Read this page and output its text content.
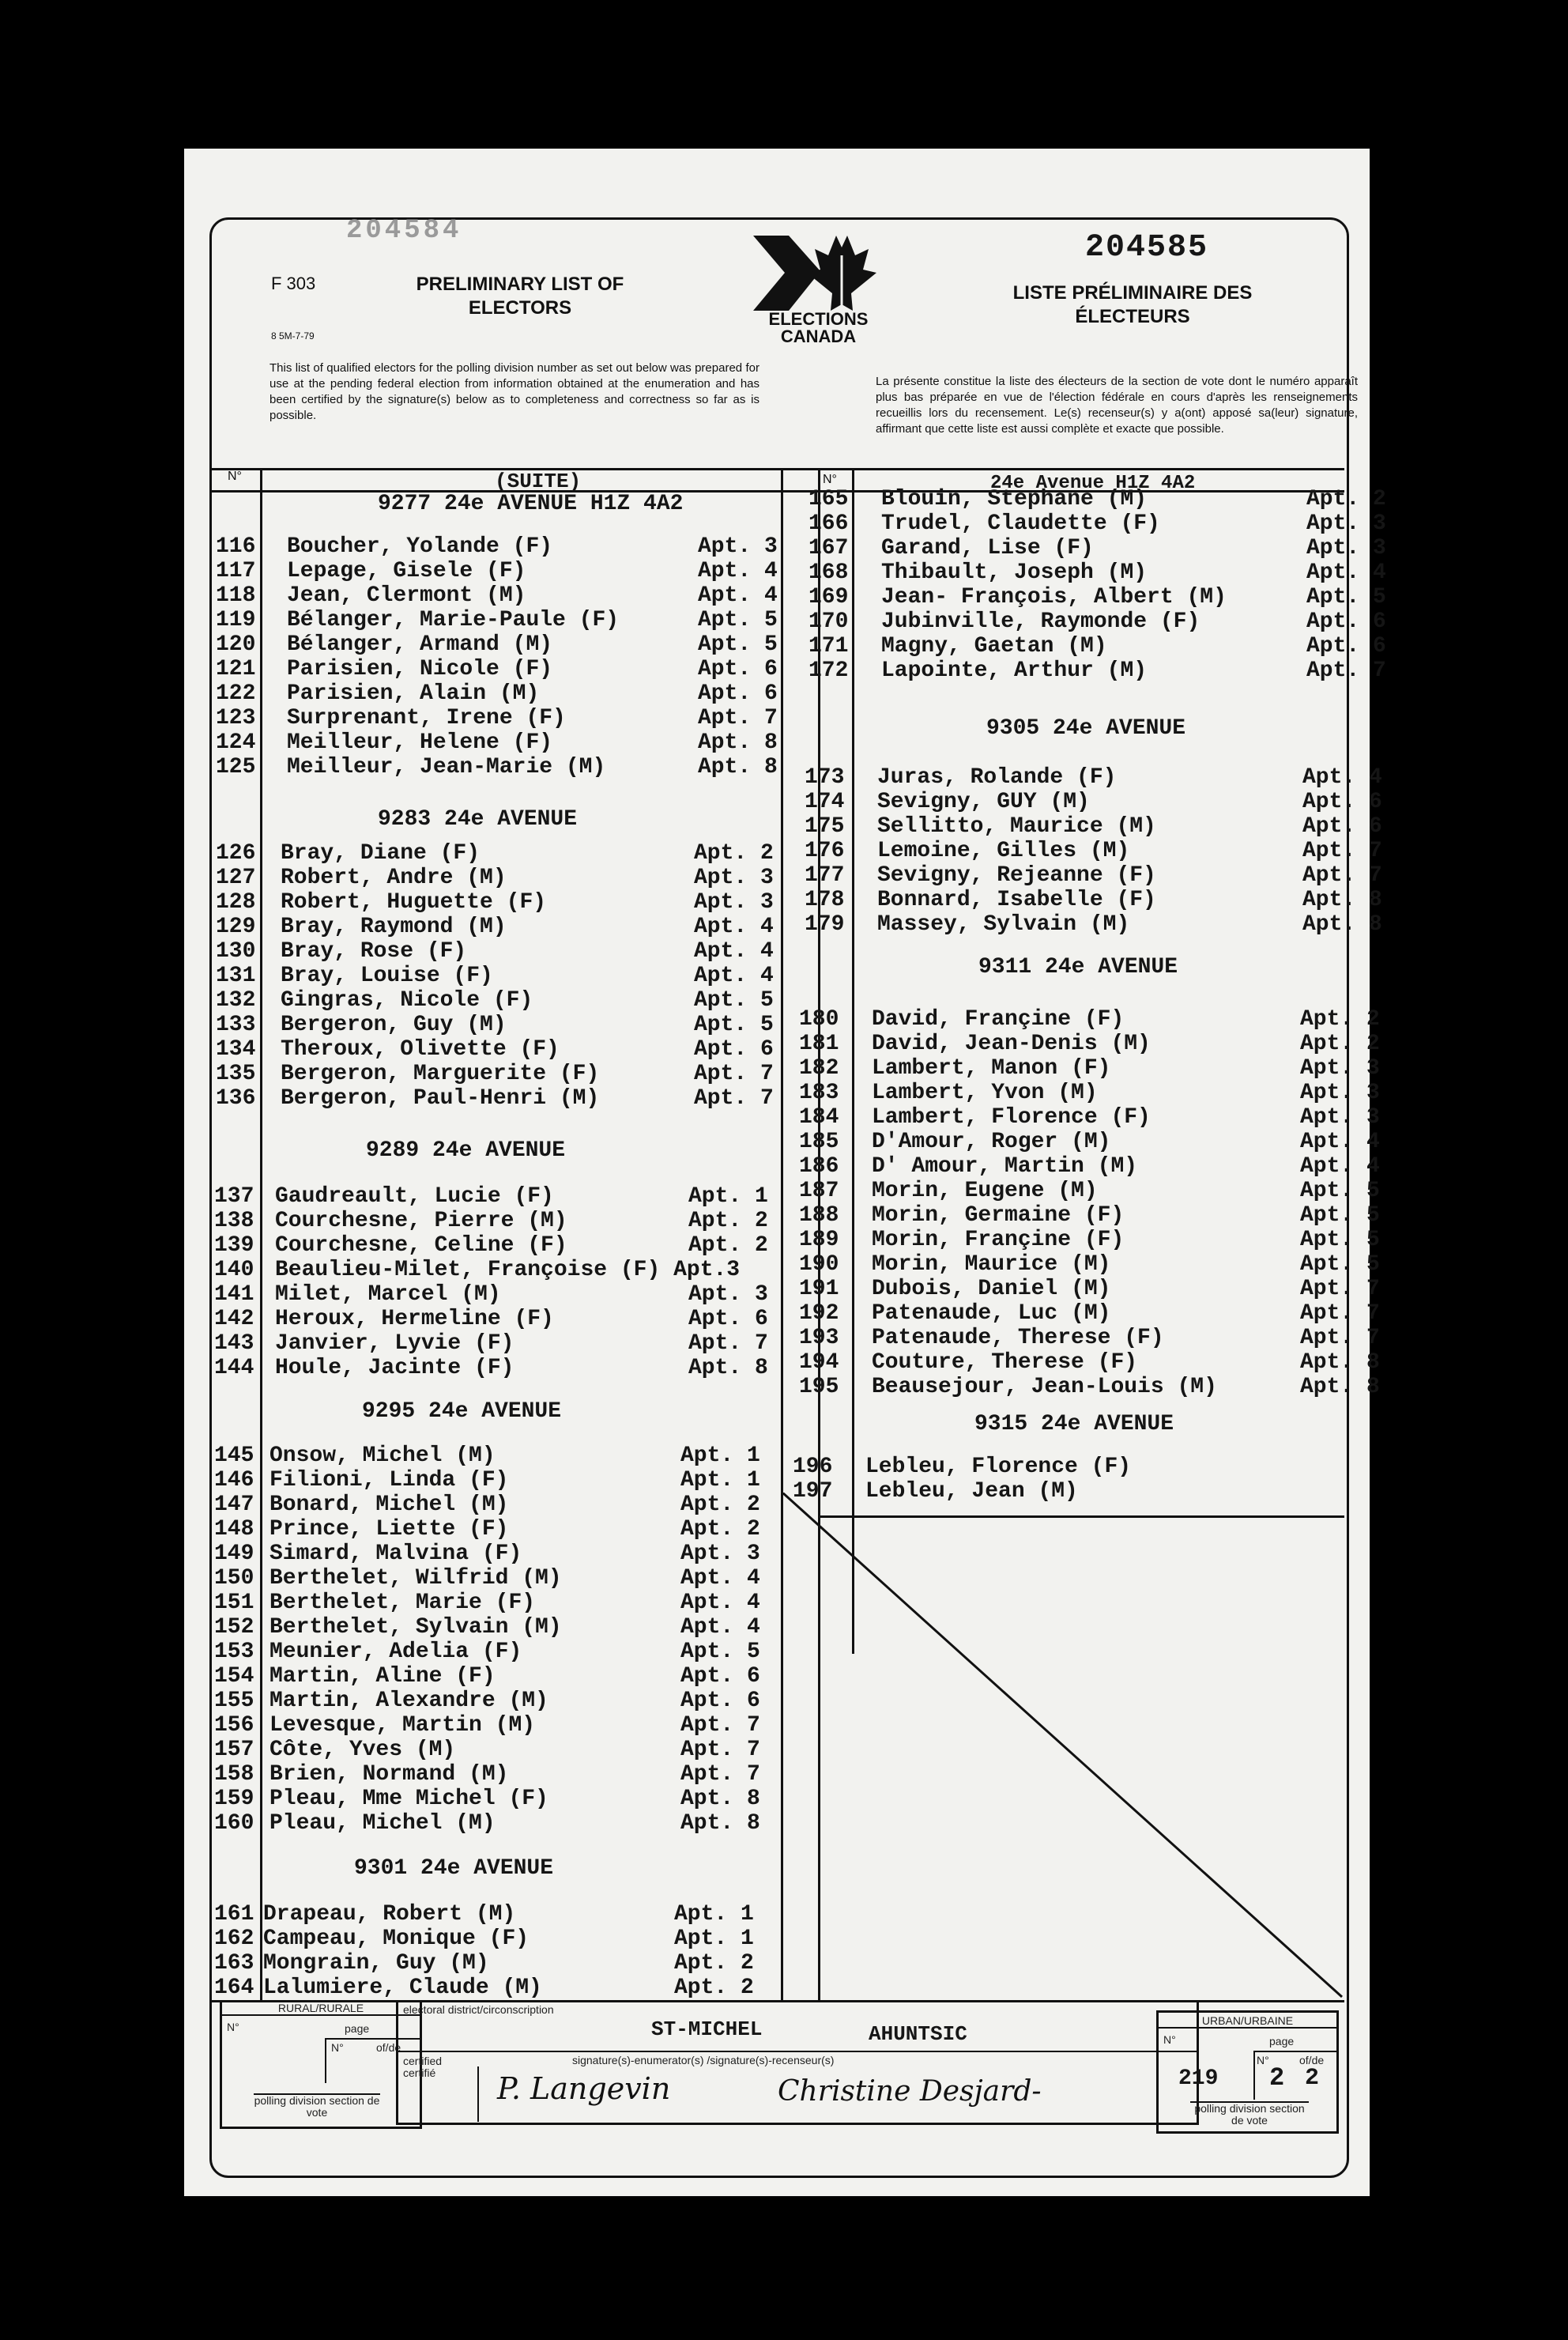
F 303
8 5M-7-79
PRELIMINARY LIST OF ELECTORS
204584
ELECTIONS CANADA
204585
LISTE PRÉLIMINAIRE DES ÉLECTEURS
This list of qualified electors for the polling division number as set out below was prepared for use at the pending federal election from information obtained at the enumeration and has been certified by the signature(s) below as to completeness and correctness so far as is possible.
La présente constitue la liste des électeurs de la section de vote dont le numéro apparaît plus bas préparée en vue de l'élection fédérale en cours d'après les renseignements recueillis lors du recensement. Le(s) recenseur(s) y a(ont) apposé sa(leur) signature, affirmant que cette liste est aussi complète et exacte que possible.
N°	N°
(SUITE)	24e Avenue H1Z 4A2
9277 24e AVENUE H1Z 4A2
116 Boucher, Yolande (F)	Apt. 3
117 Lepage, Gisele (F)	Apt. 4
118 Jean, Clermont (M)	Apt. 4
119 Bélanger, Marie-Paule (F)	Apt. 5
120 Bélanger, Armand (M)	Apt. 5
121 Parisien, Nicole (F)	Apt. 6
122 Parisien, Alain (M)	Apt. 6
123 Surprenant, Irene (F)	Apt. 7
124 Meilleur, Helene (F)	Apt. 8
125 Meilleur, Jean-Marie (M)	Apt. 8
9283 24e AVENUE
126 Bray, Diane (F)	Apt. 2
127 Robert, Andre (M)	Apt. 3
128 Robert, Huguette (F)	Apt. 3
129 Bray, Raymond (M)	Apt. 4
130 Bray, Rose (F)	Apt. 4
131 Bray, Louise (F)	Apt. 4
132 Gingras, Nicole (F)	Apt. 5
133 Bergeron, Guy (M)	Apt. 5
134 Theroux, Olivette (F)	Apt. 6
135 Bergeron, Marguerite (F)	Apt. 7
136 Bergeron, Paul-Henri (M)	Apt. 7
9289 24e AVENUE
137 Gaudreault, Lucie (F)	Apt. 1
138 Courchesne, Pierre (M)	Apt. 2
139 Courchesne, Celine (F)	Apt. 2
140 Beaulieu-Milet, Françoise (F) Apt.3
141 Milet, Marcel (M)	Apt. 3
142 Heroux, Hermeline (F)	Apt. 6
143 Janvier, Lyvie (F)	Apt. 7
144 Houle, Jacinte (F)	Apt. 8
9295 24e AVENUE
145 Onsow, Michel (M)	Apt. 1
146 Filioni, Linda (F)	Apt. 1
147 Bonard, Michel (M)	Apt. 2
148 Prince, Liette (F)	Apt. 2
149 Simard, Malvina (F)	Apt. 3
150 Berthelet, Wilfrid (M)	Apt. 4
151 Berthelet, Marie (F)	Apt. 4
152 Berthelet, Sylvain (M)	Apt. 4
153 Meunier, Adelia (F)	Apt. 5
154 Martin, Aline (F)	Apt. 6
155 Martin, Alexandre (M)	Apt. 6
156 Levesque, Martin (M)	Apt. 7
157 Côte, Yves (M)	Apt. 7
158 Brien, Normand (M)	Apt. 7
159 Pleau, Mme Michel (F)	Apt. 8
160 Pleau, Michel (M)	Apt. 8
9301 24e AVENUE
161 Drapeau, Robert (M)	Apt. 1
162 Campeau, Monique (F)	Apt. 1
163 Mongrain, Guy (M)	Apt. 2
164 Lalumiere, Claude (M)	Apt. 2
165 Blouin, Stephane (M)	Apt. 2
166 Trudel, Claudette (F)	Apt. 3
167 Garand, Lise (F)	Apt. 3
168 Thibault, Joseph (M)	Apt. 4
169 Jean- François, Albert (M)	Apt. 5
170 Jubinville, Raymonde (F)	Apt. 6
171 Magny, Gaetan (M)	Apt. 6
172 Lapointe, Arthur (M)	Apt. 7
9305 24e AVENUE
173 Juras, Rolande (F)	Apt. 4
174 Sevigny, GUY (M)	Apt. 6
175 Sellitto, Maurice (M)	Apt. 6
176 Lemoine, Gilles (M)	Apt. 7
177 Sevigny, Rejeanne (F)	Apt. 7
178 Bonnard, Isabelle (F)	Apt. 8
179 Massey, Sylvain (M)	Apt. 8
9311 24e AVENUE
180 David, Françine (F)	Apt. 2
181 David, Jean-Denis (M)	Apt. 2
182 Lambert, Manon (F)	Apt. 3
183 Lambert, Yvon (M)	Apt. 3
184 Lambert, Florence (F)	Apt. 3
185 D'Amour, Roger (M)	Apt. 4
186 D' Amour, Martin (M)	Apt. 4
187 Morin, Eugene (M)	Apt. 5
188 Morin, Germaine (F)	Apt. 5
189 Morin, Françine (F)	Apt. 5
190 Morin, Maurice (M)	Apt. 5
191 Dubois, Daniel (M)	Apt. 7
192 Patenaude, Luc (M)	Apt. 7
193 Patenaude, Therese (F)	Apt. 7
194 Couture, Therese (F)	Apt. 8
195 Beausejour, Jean-Louis (M)	Apt. 8
9315 24e AVENUE
196 Lebleu, Florence (F)
197 Lebleu, Jean (M)
RURAL/RURALE
N°	page
N°	of/de
polling division section de vote
electoral district/circonscription
ST-MICHEL	AHUNTSIC
certified certifié
signature(s)-enumerator(s) /signature(s)-recenseur(s)
P. Langevin	Christine Desjard-
URBAN/URBAINE
N°	page
219
N°	of/de
2 2
polling division section de vote
